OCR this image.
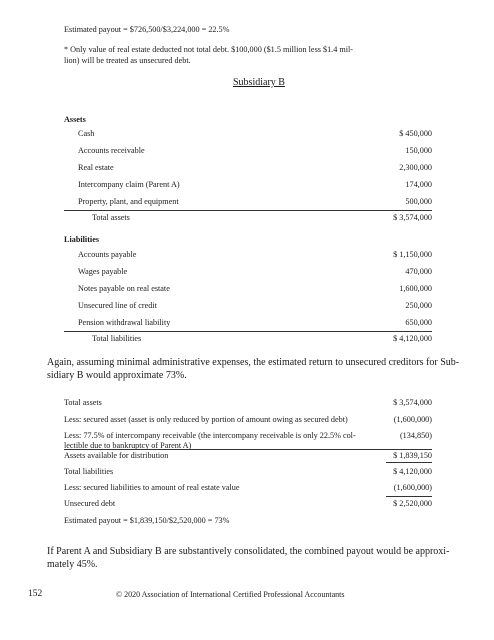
Estimated payout = $726,500/$3,224,000 = 22.5%
* Only value of real estate deducted not total debt. $100,000 ($1.5 million less $1.4 mil-
lion) will be treated as unsecured debt.
Subsidiary B
Assets
Cash	$ 450,000
Accounts receivable	150,000
Real estate	2,300,000
Intercompany claim (Parent A)	174,000
Property, plant, and equipment	500,000
Total assets	$ 3,574,000
Liabilities
Accounts payable	$ 1,150,000
Wages payable	470,000
Notes payable on real estate	1,600,000
Unsecured line of credit	250,000
Pension withdrawal liability	650,000
Total liabilities	$ 4,120,000
Again, assuming minimal administrative expenses, the estimated return to unsecured creditors for Sub-
sidiary B would approximate 73%.
Total assets	$ 3,574,000
Less: secured asset (asset is only reduced by portion of amount owing as secured debt)	(1,600,000)
Less: 77.5% of intercompany receivable (the intercompany receivable is only 22.5% col-
lectible due to bankruptcy of Parent A)
(134,850)
Assets available for distribution	$ 1,839,150
Total liabilities	$ 4,120,000
Less: secured liabilities to amount of real estate value	(1,600,000)
Unsecured debt	$ 2,520,000
Estimated payout = $1,839,150/$2,520,000 = 73%
If Parent A and Subsidiary B are substantively consolidated, the combined payout would be approxi-
mately 45%.
152	© 2020 Association of International Certified Professional Accountants
